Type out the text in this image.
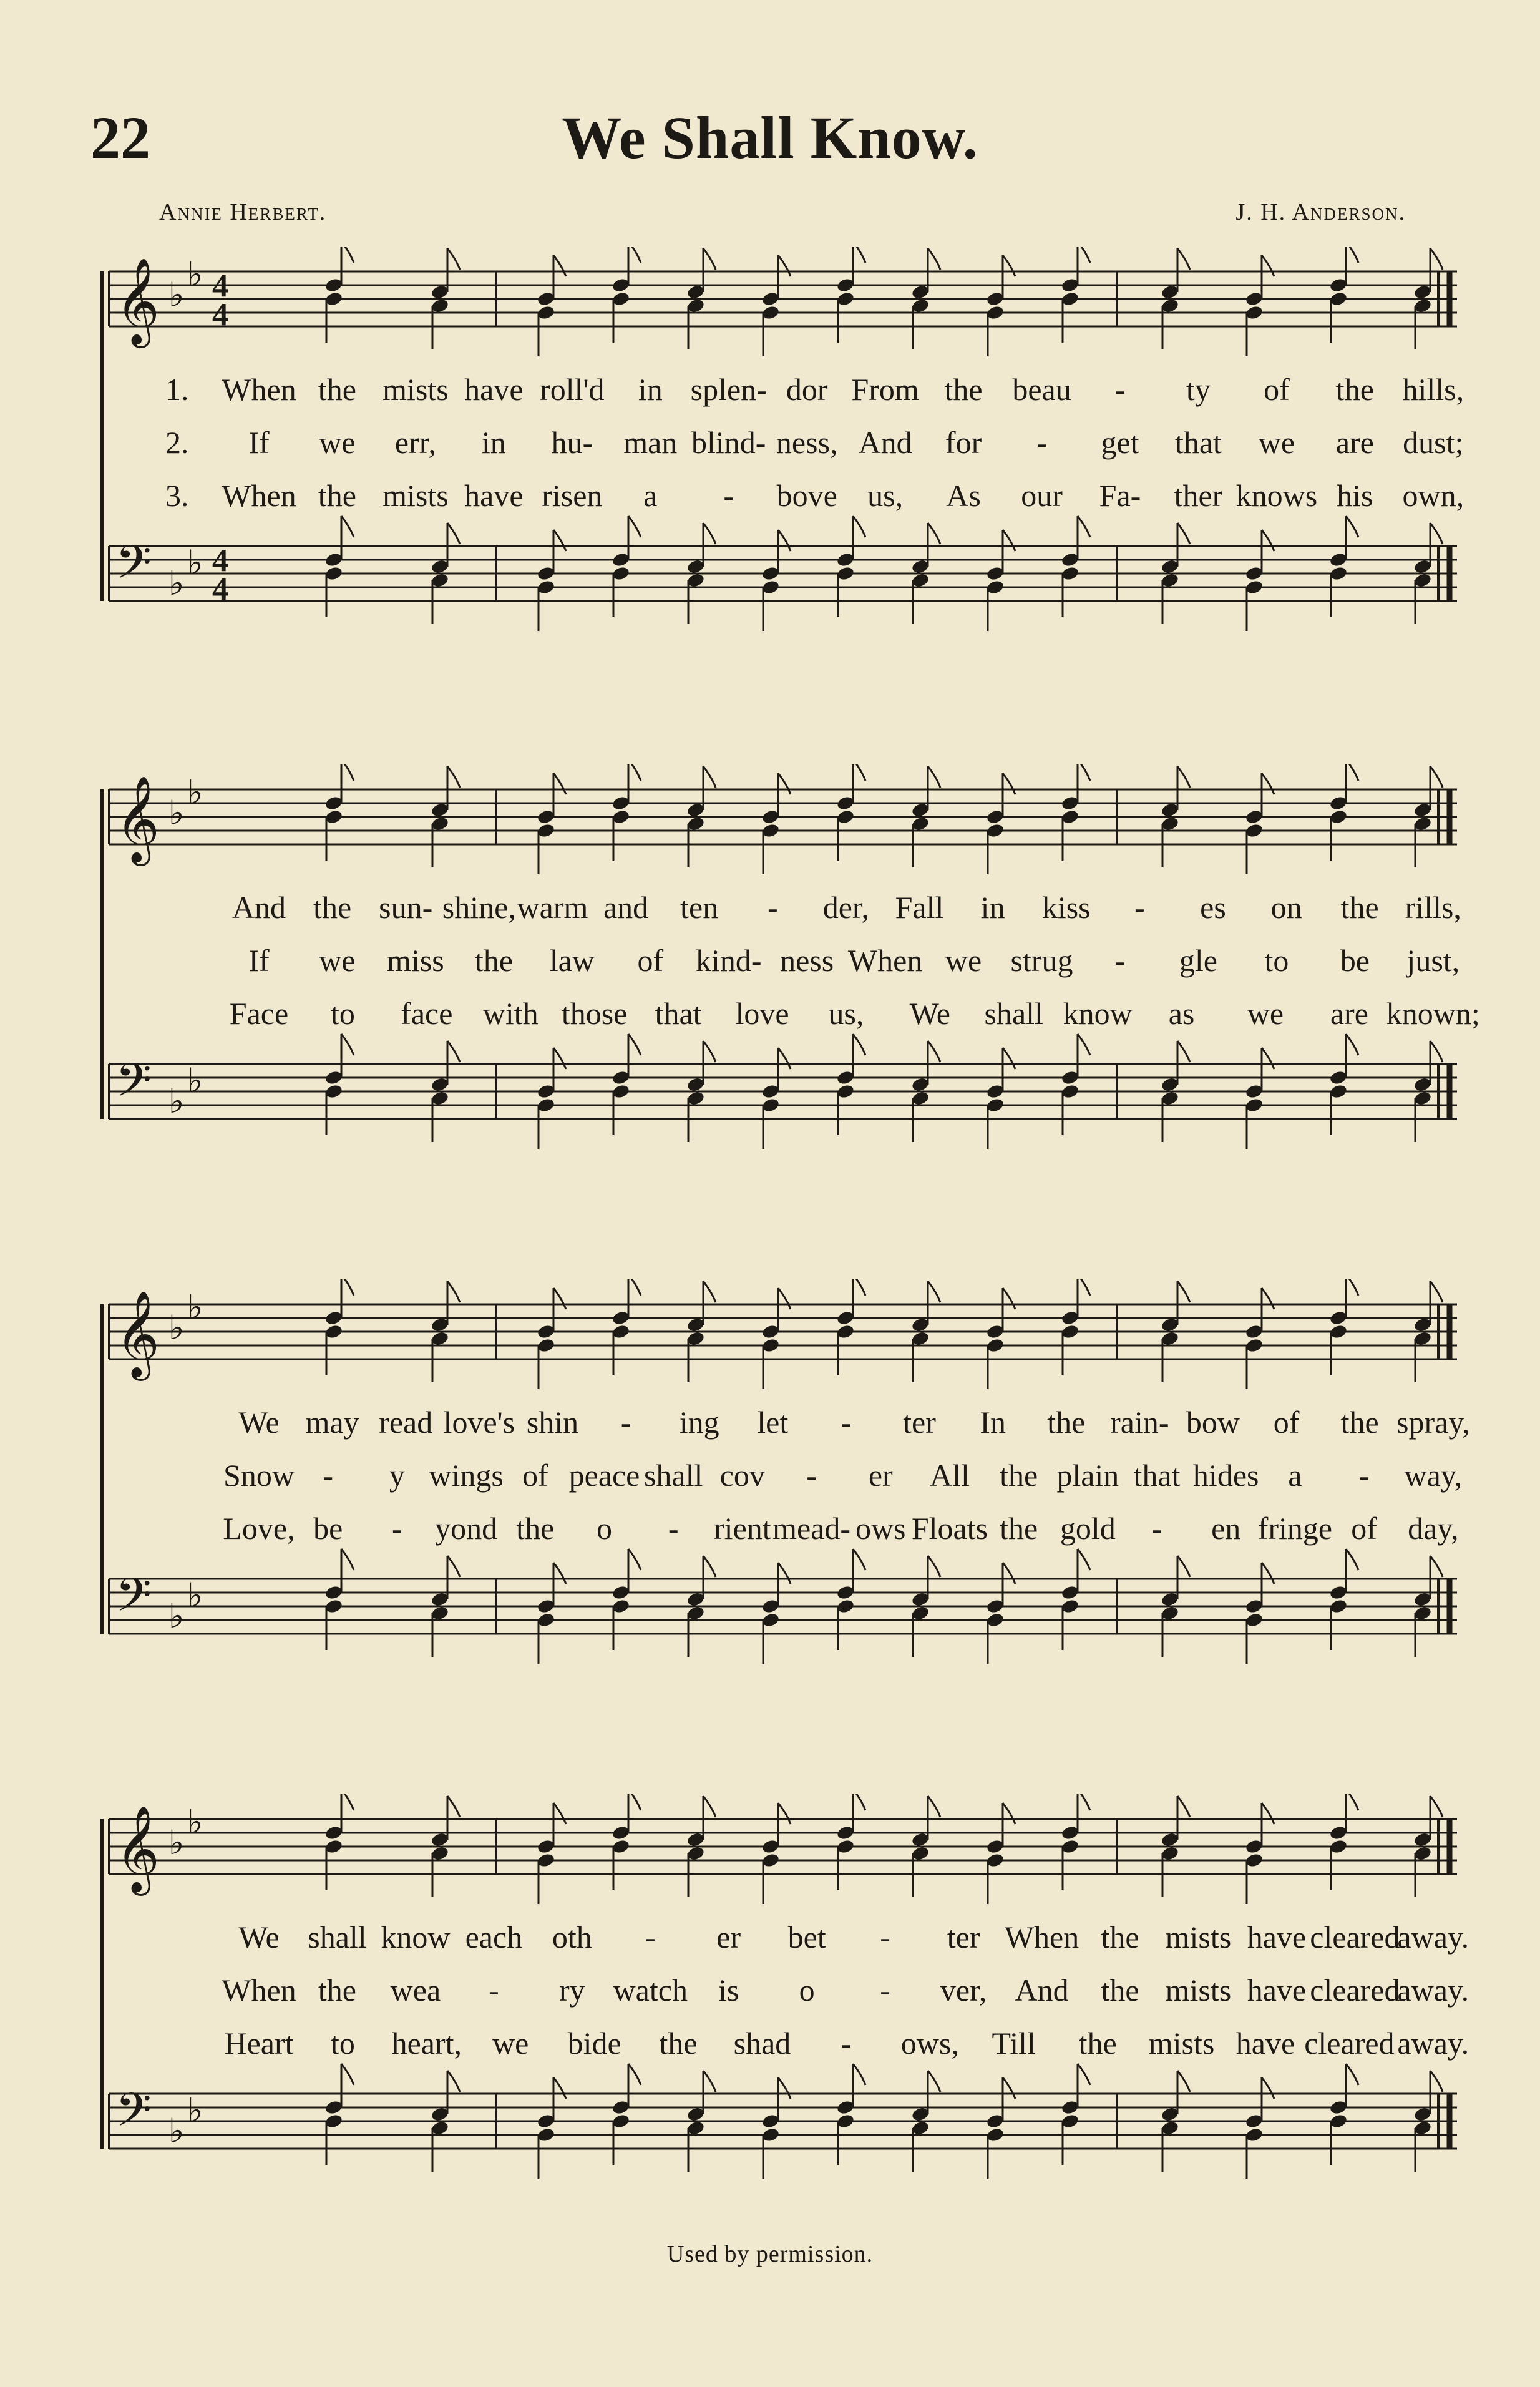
22	We Shall Know.
Annie Herbert.	J. H. Anderson.
𝄞 ♭
♭ 4
4
𝄢 ♭
♭ 4
4
1. When the mists have roll'd in splen- dor From the beau - ty of the hills,
2. If we err, in hu- man blind- ness, And for - get that we are dust;
3. When the mists have risen a - bove us, As our Fa- ther knows his own,
𝄞 ♭
♭
𝄢 ♭
♭
And the sun- shine, warm and ten - der, Fall in kiss - es on the rills,
If we miss the law of kind- ness When we strug - gle to be just,
Face to face with those that love us, We shall know as we are known;
𝄞 ♭
♭
𝄢 ♭
♭
We may read love's shin - ing let - ter In the rain- bow of the spray,
Snow - y wings of peace shall cov - er All the plain that hides a - way,
Love, be - yond the o - rient mead- ows Floats the gold - en fringe of day,
𝄞 ♭
♭
𝄢 ♭
♭
We shall know each oth - er bet - ter When the mists have cleared
away.
When the wea - ry watch is o - ver, And the mists have cleared
away.
Heart to heart, we bide the shad - ows, Till the mists have cleared away.
Used by permission.
